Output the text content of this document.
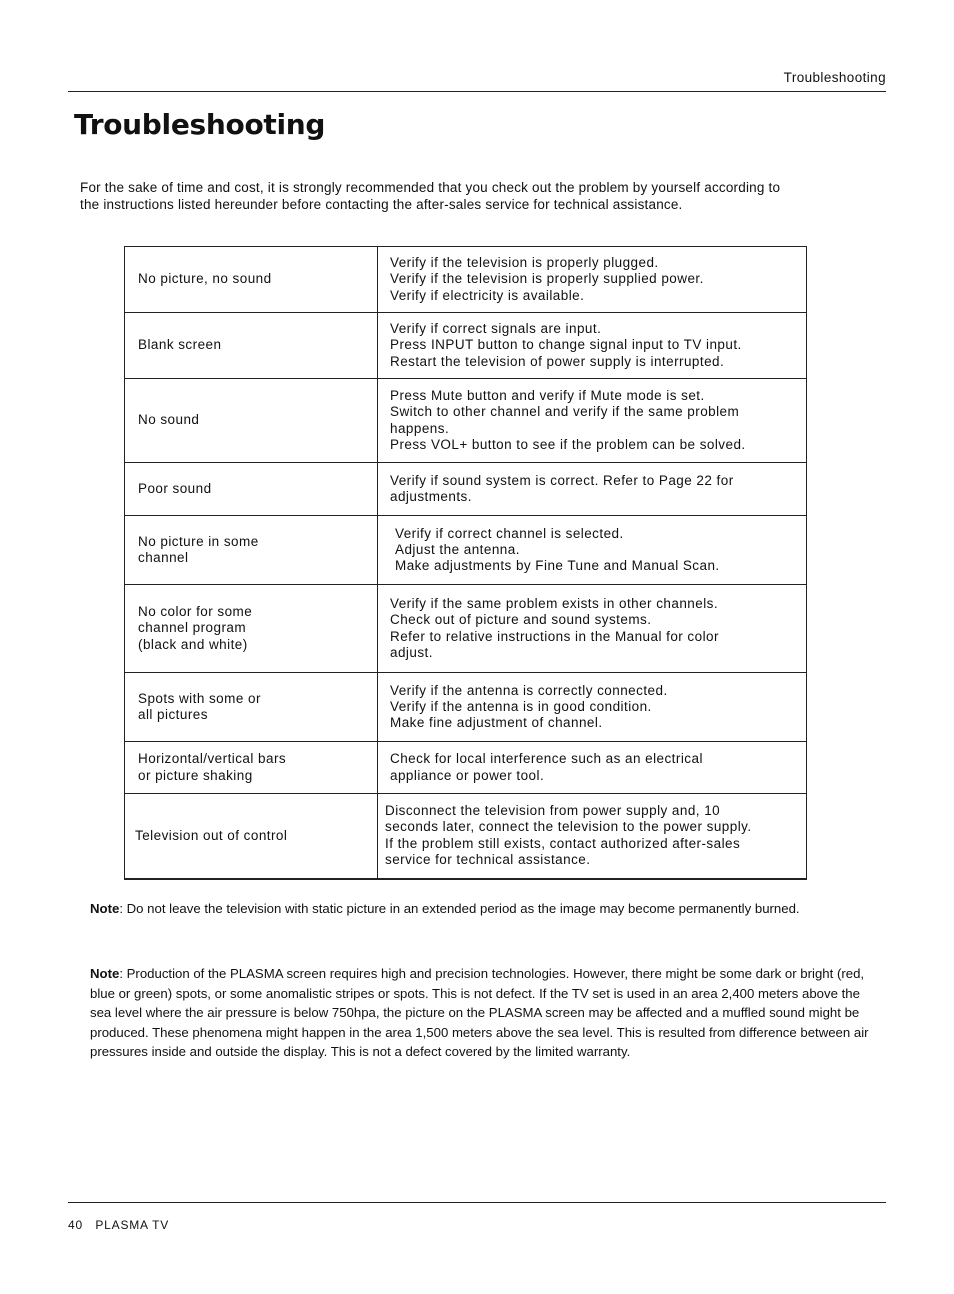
Troubleshooting
Troubleshooting
For the sake of time and cost, it is strongly recommended that you check out the problem by yourself according to
the instructions listed hereunder before contacting the after-sales service for technical assistance.
No picture, no sound	Verify if the television is properly plugged.
Verify if the television is properly supplied power.
Verify if electricity is available.

Blank screen	Verify if correct signals are input.
Press INPUT button to change signal input to TV input.
Restart the television of power supply is interrupted.

No sound	Press Mute button and verify if Mute mode is set.
Switch to other channel and verify if the same problem
happens.
Press VOL+ button to see if the problem can be solved.

Poor sound	Verify if sound system is correct. Refer to Page 22 for
adjustments.

No picture in some
channel	Verify if correct channel is selected.
Adjust the antenna.
Make adjustments by Fine Tune and Manual Scan.

No color for some
channel program
(black and white)	Verify if the same problem exists in other channels.
Check out of picture and sound systems.
Refer to relative instructions in the Manual for color
adjust.

Spots with some or
all pictures	Verify if the antenna is correctly connected.
Verify if the antenna is in good condition.
Make fine adjustment of channel.

Horizontal/vertical bars
or picture shaking	Check for local interference such as an electrical
appliance or power tool.

Television out of control	Disconnect the television from power supply and, 10
seconds later, connect the television to the power supply.
If the problem still exists, contact authorized after-sales
service for technical assistance.

Note: Do not leave the television with static picture in an extended period as the image may become permanently burned.

Note: Production of the PLASMA screen requires high and precision technologies. However, there might be some dark or bright (red, blue or green) spots, or some anomalistic stripes or spots. This is not defect. If the TV set is used in an area 2,400 meters above the sea level where the air pressure is below 750hpa, the picture on the PLASMA screen may be affected and a muffled sound might be produced. These phenomena might happen in the area 1,500 meters above the sea level. This is resulted from difference between air pressures inside and outside the display. This is not a defect covered by the limited warranty.

40 PLASMA TV
